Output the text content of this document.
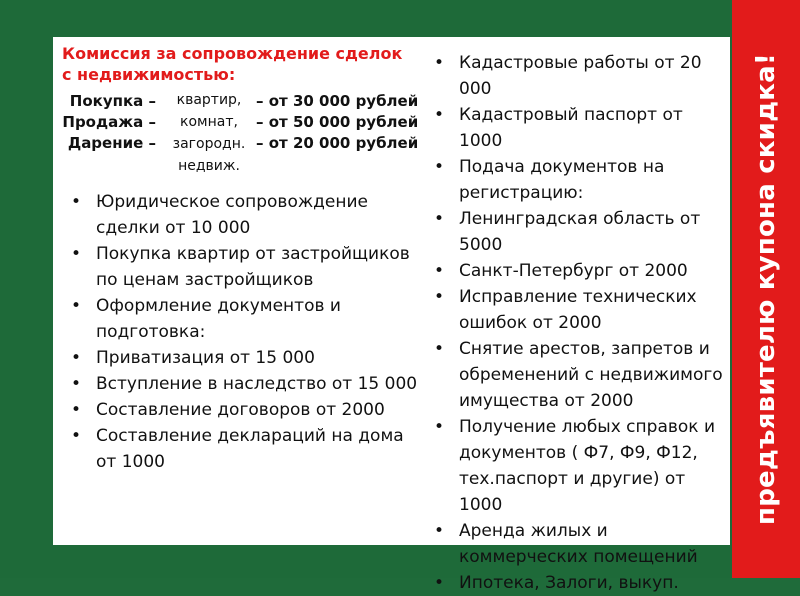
предъявителю купона скидка!

Комиссия за сопровождение сделок
с недвижимостью:

Покупка –
Продажа –
Дарение –
квартир,
комнат,
загородн.
недвиж.
– от 30 000 рублей
– от 50 000 рублей
– от 20 000 рублей
• Юридическое сопровождение сделки от 10 000
• Покупка квартир от застройщиков по ценам застройщиков
• Оформление документов и подготовка:
• Приватизация от 15 000
• Вступление в наследство от 15 000
• Составление договоров от 2000
• Составление деклараций на дома от 1000
• Кадастровые работы от 20 000
• Кадастровый паспорт от 1000
• Подача документов на регистрацию:
• Ленинградская область от 5000
• Санкт-Петербург от 2000
• Исправление технических ошибок от 2000
• Снятие арестов, запретов и обременений с недвижимого имущества от 2000
• Получение любых справок и документов ( Ф7, Ф9, Ф12, тех.паспорт и другие) от 1000
• Аренда жилых и коммерческих помещений
• Ипотека, Залоги, выкуп.
